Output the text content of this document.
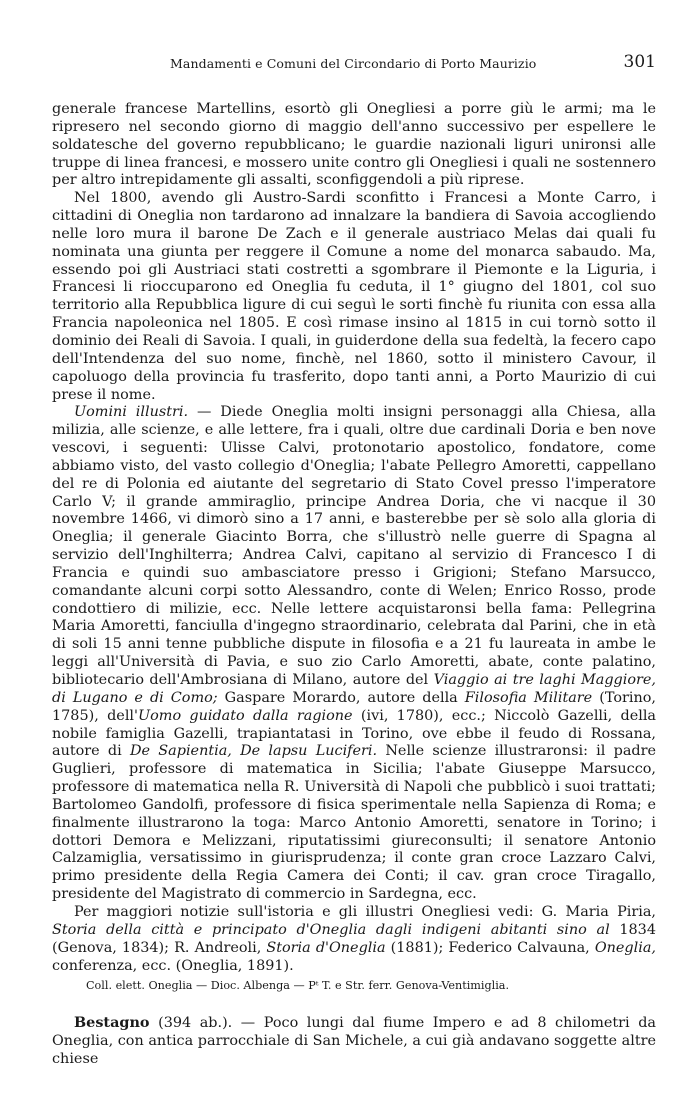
Mandamenti e Comuni del Circondario di Porto Maurizio	301

generale francese Martellins, esortò gli Onegliesi a porre giù le armi; ma le ripresero nel secondo giorno di maggio dell'anno successivo per espellere le soldatesche del governo repubblicano; le guardie nazionali liguri unironsi alle truppe di linea francesi, e mossero unite contro gli Onegliesi i quali ne sostennero per altro intrepidamente gli assalti, sconfiggendoli a più riprese.

Nel 1800, avendo gli Austro-Sardi sconfitto i Francesi a Monte Carro, i cittadini di Oneglia non tardarono ad innalzare la bandiera di Savoia accogliendo nelle loro mura il barone De Zach e il generale austriaco Melas dai quali fu nominata una giunta per reggere il Comune a nome del monarca sabaudo. Ma, essendo poi gli Austriaci stati costretti a sgombrare il Piemonte e la Liguria, i Francesi li rioccuparono ed Oneglia fu ceduta, il 1° giugno del 1801, col suo territorio alla Repubblica ligure di cui seguì le sorti finchè fu riunita con essa alla Francia napoleonica nel 1805. E così rimase insino al 1815 in cui tornò sotto il dominio dei Reali di Savoia. I quali, in guiderdone della sua fedeltà, la fecero capo dell'Intendenza del suo nome, finchè, nel 1860, sotto il ministero Cavour, il capoluogo della provincia fu trasferito, dopo tanti anni, a Porto Maurizio di cui prese il nome.

Uomini illustri. — Diede Oneglia molti insigni personaggi alla Chiesa, alla milizia, alle scienze, e alle lettere, fra i quali, oltre due cardinali Doria e ben nove vescovi, i seguenti: Ulisse Calvi, protonotario apostolico, fondatore, come abbiamo visto, del vasto collegio d'Oneglia; l'abate Pellegro Amoretti, cappellano del re di Polonia ed aiutante del segretario di Stato Covel presso l'imperatore Carlo V; il grande ammiraglio, principe Andrea Doria, che vi nacque il 30 novembre 1466, vi dimorò sino a 17 anni, e basterebbe per sè solo alla gloria di Oneglia; il generale Giacinto Borra, che s'illustrò nelle guerre di Spagna al servizio dell'Inghilterra; Andrea Calvi, capitano al servizio di Francesco I di Francia e quindi suo ambasciatore presso i Grigioni; Stefano Marsucco, comandante alcuni corpi sotto Alessandro, conte di Welen; Enrico Rosso, prode condottiero di milizie, ecc. Nelle lettere acquistaronsi bella fama: Pellegrina Maria Amoretti, fanciulla d'ingegno straordinario, celebrata dal Parini, che in età di soli 15 anni tenne pubbliche dispute in filosofia e a 21 fu laureata in ambe le leggi all'Università di Pavia, e suo zio Carlo Amoretti, abate, conte palatino, bibliotecario dell'Ambrosiana di Milano, autore del Viaggio ai tre laghi Maggiore, di Lugano e di Como; Gaspare Morardo, autore della Filosofia Militare (Torino, 1785), dell'Uomo guidato dalla ragione (ivi, 1780), ecc.; Niccolò Gazelli, della nobile famiglia Gazelli, trapiantatasi in Torino, ove ebbe il feudo di Rossana, autore di De Sapientia, De lapsu Luciferi. Nelle scienze illustraronsi: il padre Guglieri, professore di matematica in Sicilia; l'abate Giuseppe Marsucco, professore di matematica nella R. Università di Napoli che pubblicò i suoi trattati; Bartolomeo Gandolfi, professore di fisica sperimentale nella Sapienza di Roma; e finalmente illustrarono la toga: Marco Antonio Amoretti, senatore in Torino; i dottori Demora e Melizzani, riputatissimi giureconsulti; il senatore Antonio Calzamiglia, versatissimo in giurisprudenza; il conte gran croce Lazzaro Calvi, primo presidente della Regia Camera dei Conti; il cav. gran croce Tiragallo, presidente del Magistrato di commercio in Sardegna, ecc.

Per maggiori notizie sull'istoria e gli illustri Onegliesi vedi: G. Maria Piria, Storia della città e principato d'Oneglia dagli indigeni abitanti sino al 1834 (Genova, 1834); R. Andreoli, Storia d'Oneglia (1881); Federico Calvauna, Oneglia, conferenza, ecc. (Oneglia, 1891).

Coll. elett. Oneglia — Dioc. Albenga — Pᵗ T. e Str. ferr. Genova-Ventimiglia.

Bestagno (394 ab.). — Poco lungi dal fiume Impero e ad 8 chilometri da Oneglia, con antica parrocchiale di San Michele, a cui già andavano soggette altre chiese
